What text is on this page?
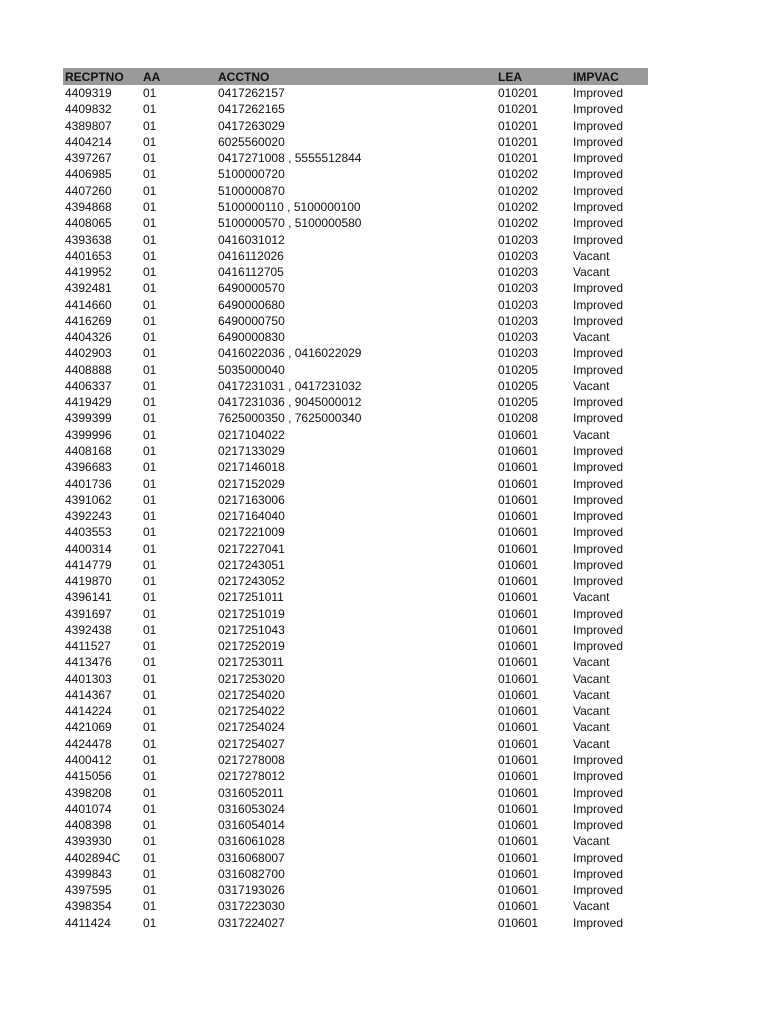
RECPTNO	AA	ACCTNO	LEA	IMPVAC
4409319	01	0417262157	010201	Improved
4409832	01	0417262165	010201	Improved
4389807	01	0417263029	010201	Improved
4404214	01	6025560020	010201	Improved
4397267	01	0417271008 , 5555512844	010201	Improved
4406985	01	5100000720	010202	Improved
4407260	01	5100000870	010202	Improved
4394868	01	5100000110 , 5100000100	010202	Improved
4408065	01	5100000570 , 5100000580	010202	Improved
4393638	01	0416031012	010203	Improved
4401653	01	0416112026	010203	Vacant
4419952	01	0416112705	010203	Vacant
4392481	01	6490000570	010203	Improved
4414660	01	6490000680	010203	Improved
4416269	01	6490000750	010203	Improved
4404326	01	6490000830	010203	Vacant
4402903	01	0416022036 , 0416022029	010203	Improved
4408888	01	5035000040	010205	Improved
4406337	01	0417231031 , 0417231032	010205	Vacant
4419429	01	0417231036 , 9045000012	010205	Improved
4399399	01	7625000350 , 7625000340	010208	Improved
4399996	01	0217104022	010601	Vacant
4408168	01	0217133029	010601	Improved
4396683	01	0217146018	010601	Improved
4401736	01	0217152029	010601	Improved
4391062	01	0217163006	010601	Improved
4392243	01	0217164040	010601	Improved
4403553	01	0217221009	010601	Improved
4400314	01	0217227041	010601	Improved
4414779	01	0217243051	010601	Improved
4419870	01	0217243052	010601	Improved
4396141	01	0217251011	010601	Vacant
4391697	01	0217251019	010601	Improved
4392438	01	0217251043	010601	Improved
4411527	01	0217252019	010601	Improved
4413476	01	0217253011	010601	Vacant
4401303	01	0217253020	010601	Vacant
4414367	01	0217254020	010601	Vacant
4414224	01	0217254022	010601	Vacant
4421069	01	0217254024	010601	Vacant
4424478	01	0217254027	010601	Vacant
4400412	01	0217278008	010601	Improved
4415056	01	0217278012	010601	Improved
4398208	01	0316052011	010601	Improved
4401074	01	0316053024	010601	Improved
4408398	01	0316054014	010601	Improved
4393930	01	0316061028	010601	Vacant
4402894C	01	0316068007	010601	Improved
4399843	01	0316082700	010601	Improved
4397595	01	0317193026	010601	Improved
4398354	01	0317223030	010601	Vacant
4411424	01	0317224027	010601	Improved
